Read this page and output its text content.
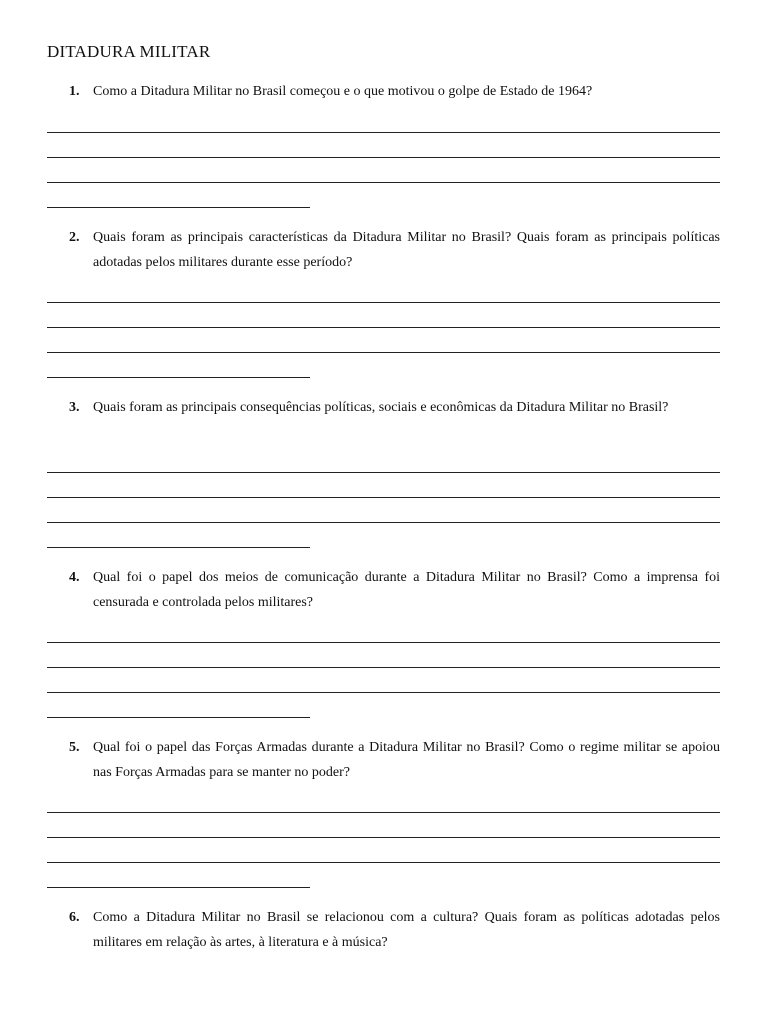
DITADURA MILITAR
1. Como a Ditadura Militar no Brasil começou e o que motivou o golpe de Estado de 1964?
2. Quais foram as principais características da Ditadura Militar no Brasil? Quais foram as principais políticas adotadas pelos militares durante esse período?
3. Quais foram as principais consequências políticas, sociais e econômicas da Ditadura Militar no Brasil?
4. Qual foi o papel dos meios de comunicação durante a Ditadura Militar no Brasil? Como a imprensa foi censurada e controlada pelos militares?
5. Qual foi o papel das Forças Armadas durante a Ditadura Militar no Brasil? Como o regime militar se apoiou nas Forças Armadas para se manter no poder?
6. Como a Ditadura Militar no Brasil se relacionou com a cultura? Quais foram as políticas adotadas pelos militares em relação às artes, à literatura e à música?
